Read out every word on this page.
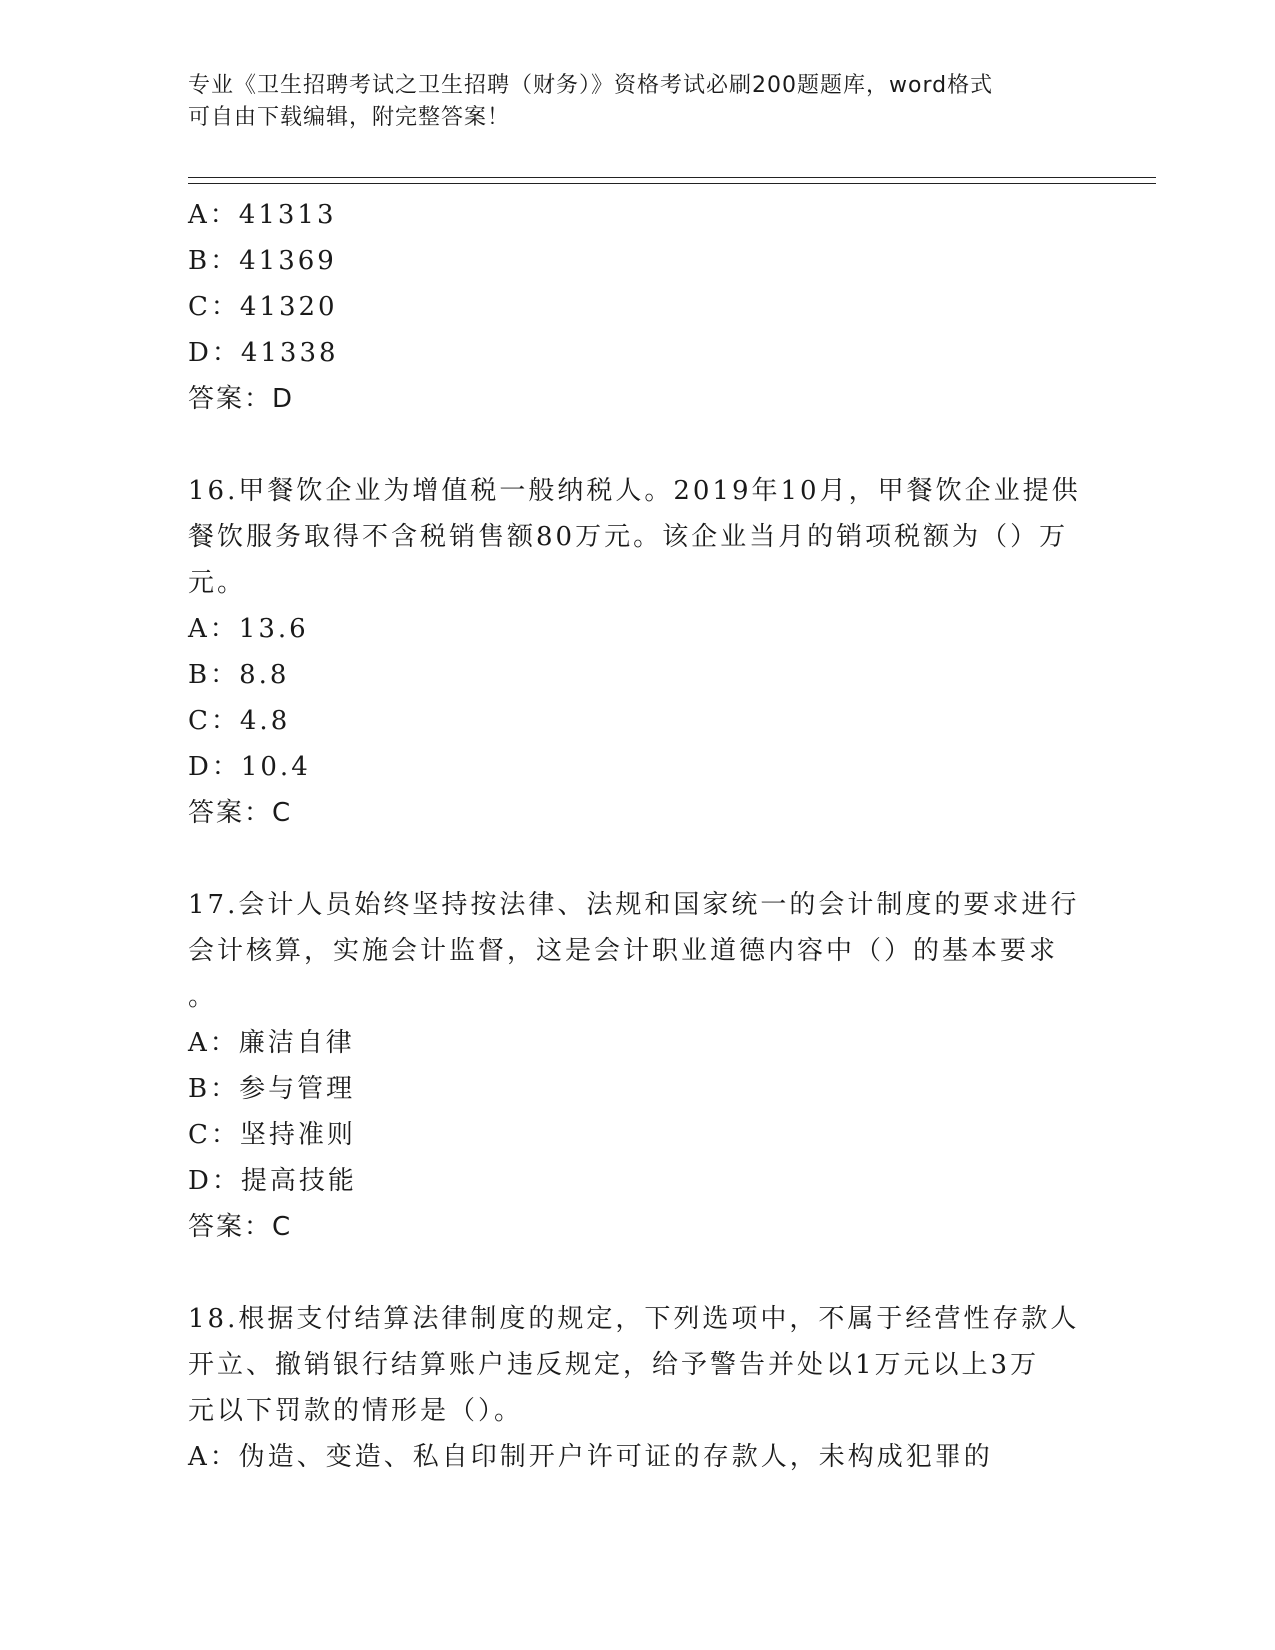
专业《卫生招聘考试之卫生招聘（财务）》资格考试必刷200题题库，word格式
可自由下载编辑，附完整答案！
A：41313
B：41369
C：41320
D：41338
答案：D
16.甲餐饮企业为增值税一般纳税人。2019年10月，甲餐饮企业提供
餐饮服务取得不含税销售额80万元。该企业当月的销项税额为（）万
元。
A：13.6
B：8.8
C：4.8
D：10.4
答案：C
17.会计人员始终坚持按法律、法规和国家统一的会计制度的要求进行
会计核算，实施会计监督，这是会计职业道德内容中（）的基本要求
。
A：廉洁自律
B：参与管理
C：坚持准则
D：提高技能
答案：C
18.根据支付结算法律制度的规定，下列选项中，不属于经营性存款人
开立、撤销银行结算账户违反规定，给予警告并处以1万元以上3万
元以下罚款的情形是（）。
A：伪造、变造、私自印制开户许可证的存款人，未构成犯罪的
